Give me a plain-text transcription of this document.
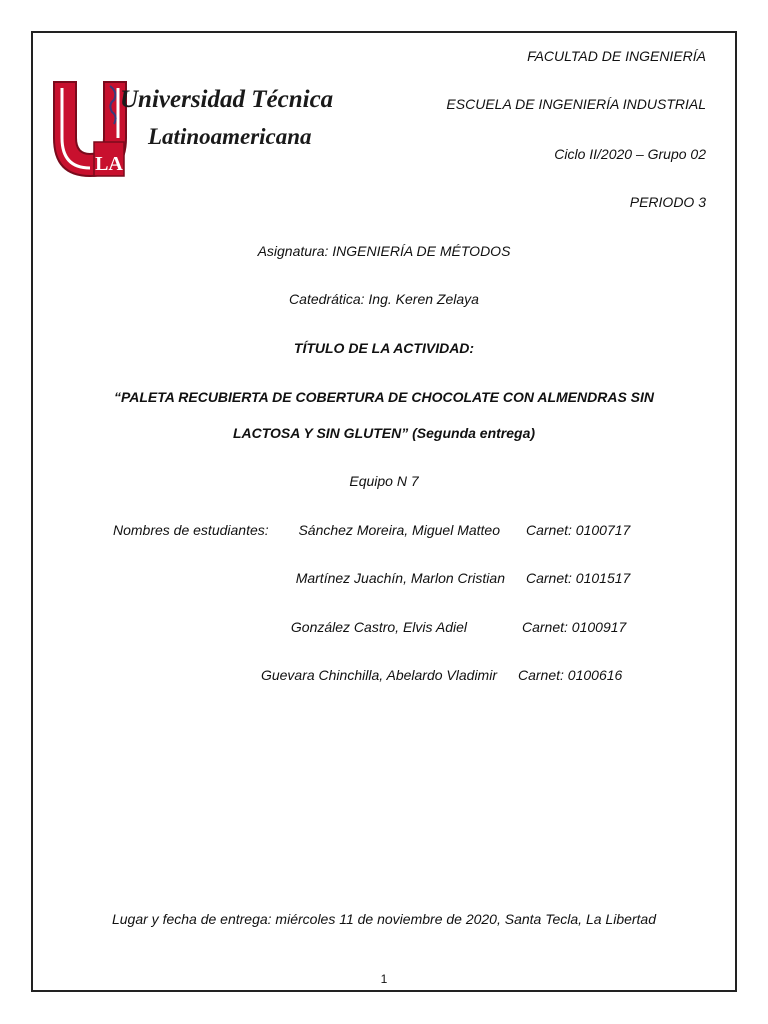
LA
Universidad Técnica
Latinoamericana
FACULTAD DE INGENIERÍA
ESCUELA DE INGENIERÍA INDUSTRIAL
Ciclo II/2020 – Grupo 02
PERIODO 3
Asignatura: INGENIERÍA DE MÉTODOS
Catedrática: Ing. Keren Zelaya
TÍTULO DE LA ACTIVIDAD:
“PALETA RECUBIERTA DE COBERTURA DE CHOCOLATE CON ALMENDRAS SIN
LACTOSA Y SIN GLUTEN” (Segunda entrega)
Equipo N 7
Nombres de estudiantes: Sánchez Moreira, Miguel Matteo Carnet: 0100717
Martínez Juachín, Marlon Cristian Carnet: 0101517
González Castro, Elvis Adiel	Carnet: 0100917
Guevara Chinchilla, Abelardo Vladimir Carnet: 0100616
Lugar y fecha de entrega: miércoles 11 de noviembre de 2020, Santa Tecla, La Libertad
1
